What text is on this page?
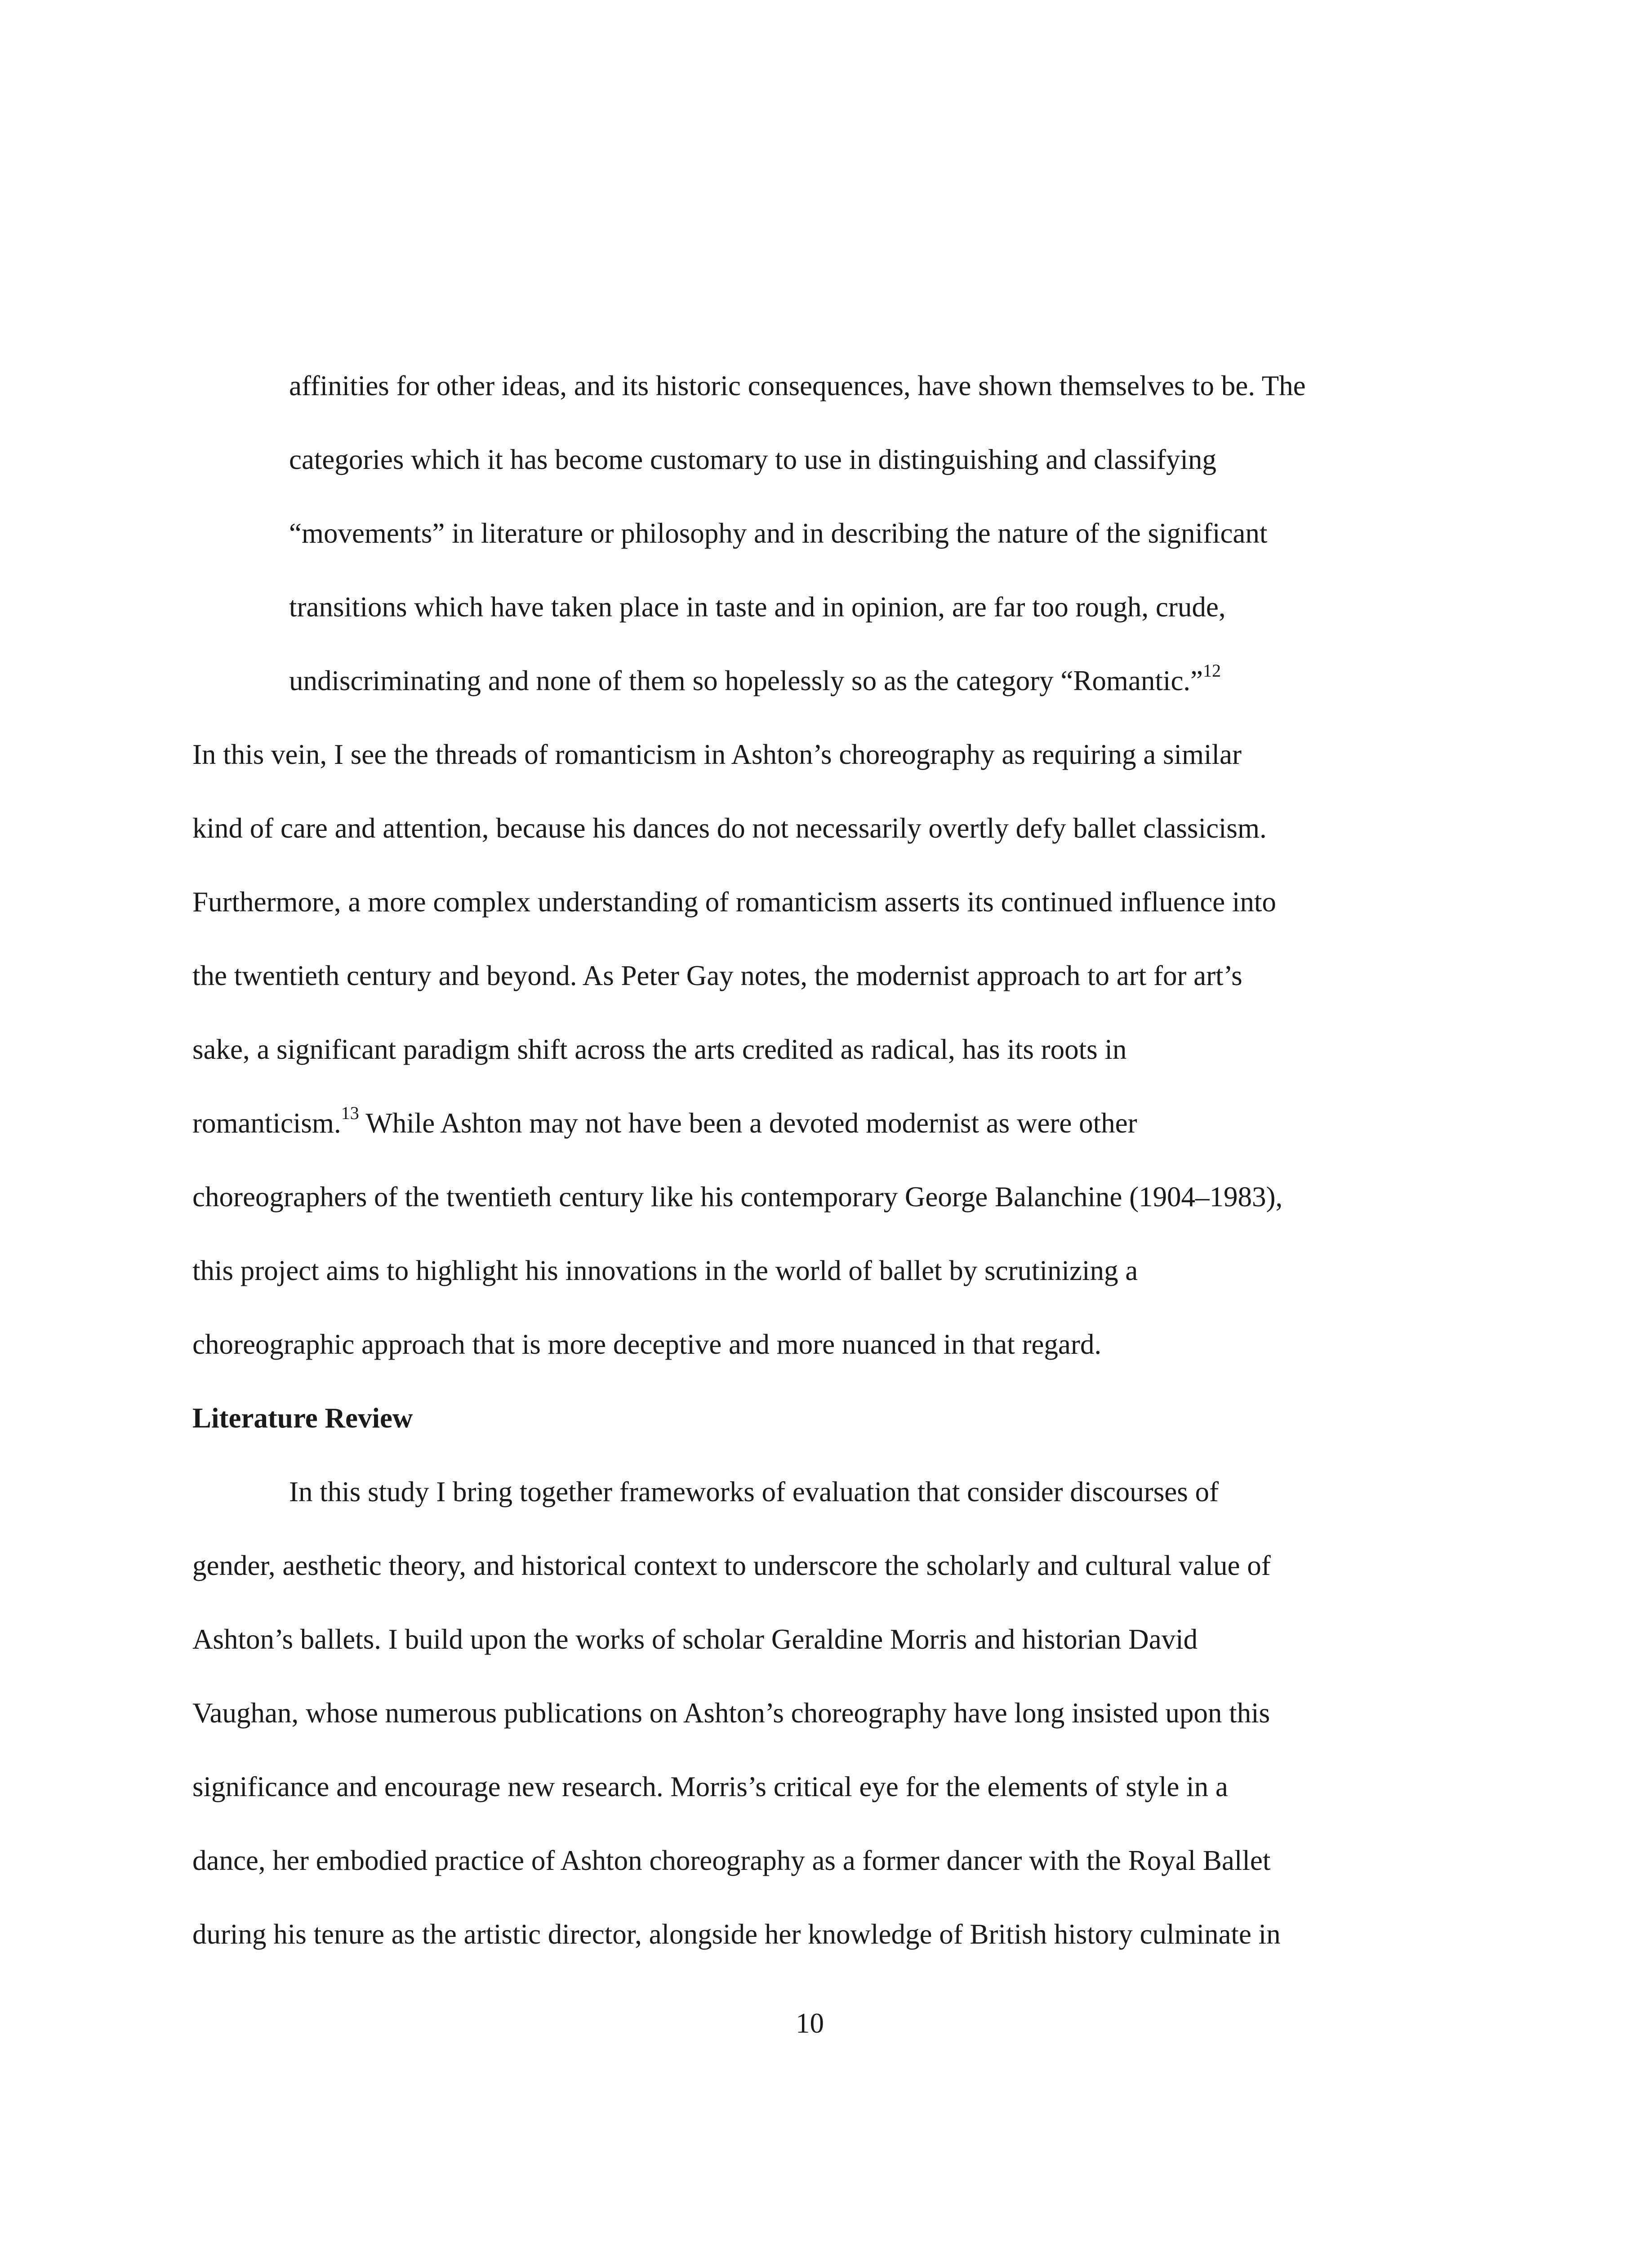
affinities for other ideas, and its historic consequences, have shown themselves to be. The
categories which it has become customary to use in distinguishing and classifying
“movements” in literature or philosophy and in describing the nature of the significant
transitions which have taken place in taste and in opinion, are far too rough, crude,
undiscriminating and none of them so hopelessly so as the category “Romantic.”$^{12}$
In this vein, I see the threads of romanticism in Ashton’s choreography as requiring a similar
kind of care and attention, because his dances do not necessarily overtly defy ballet classicism.
Furthermore, a more complex understanding of romanticism asserts its continued influence into
the twentieth century and beyond. As Peter Gay notes, the modernist approach to art for art’s
sake, a significant paradigm shift across the arts credited as radical, has its roots in
romanticism.$^{13}$ While Ashton may not have been a devoted modernist as were other
choreographers of the twentieth century like his contemporary George Balanchine (1904–1983),
this project aims to highlight his innovations in the world of ballet by scrutinizing a
choreographic approach that is more deceptive and more nuanced in that regard.
Literature Review
In this study I bring together frameworks of evaluation that consider discourses of
gender, aesthetic theory, and historical context to underscore the scholarly and cultural value of
Ashton’s ballets. I build upon the works of scholar Geraldine Morris and historian David
Vaughan, whose numerous publications on Ashton’s choreography have long insisted upon this
significance and encourage new research. Morris’s critical eye for the elements of style in a
dance, her embodied practice of Ashton choreography as a former dancer with the Royal Ballet
during his tenure as the artistic director, alongside her knowledge of British history culminate in
10
